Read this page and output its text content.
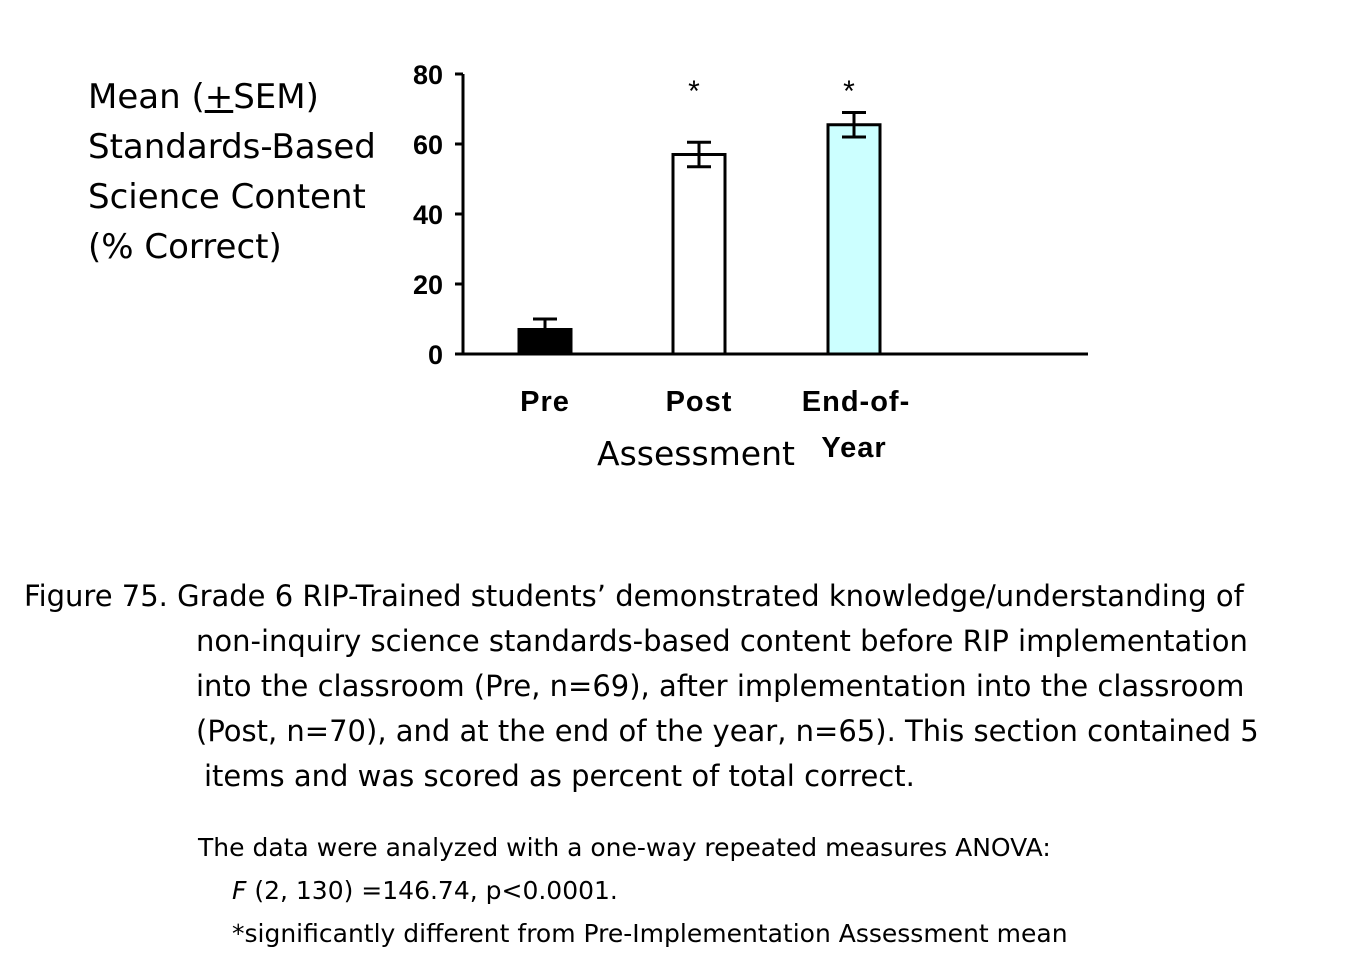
0
20
40
60
80	*	*
Pre	Post End-of-
Year
Assessment
Mean (+SEM)
Standards-Based
Science Content
(% Correct)
Figure 75. Grade 6 RIP-Trained students’ demonstrated knowledge/understanding of
non-inquiry science standards-based content before RIP implementation
into the classroom (Pre, n=69), after implementation into the classroom
(Post, n=70), and at the end of the year, n=65). This section contained 5
items and was scored as percent of total correct.
The data were analyzed with a one-way repeated measures ANOVA:
F (2, 130) =146.74, p<0.0001.
*significantly different from Pre-Implementation Assessment mean
